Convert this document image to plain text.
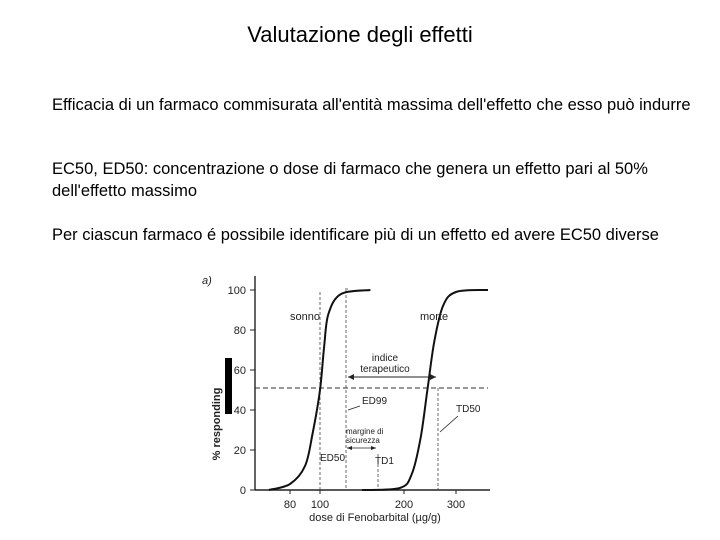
Valutazione degli effetti
Efficacia di un farmaco commisurata all'entità massima dell'effetto che esso può indurre
EC50, ED50: concentrazione o dose di farmaco che genera un effetto pari al 50% dell'effetto massimo
Per ciascun farmaco é possibile identificare più di un effetto ed avere EC50 diverse
a)
% responding
0
20
40
60
80
100
80 100	200	300
dose di Fenobarbital (µg/g)
sonno	morte
indice
terapeutico
ED99
TD50
margine di
sicurezza
ED50	TD1
